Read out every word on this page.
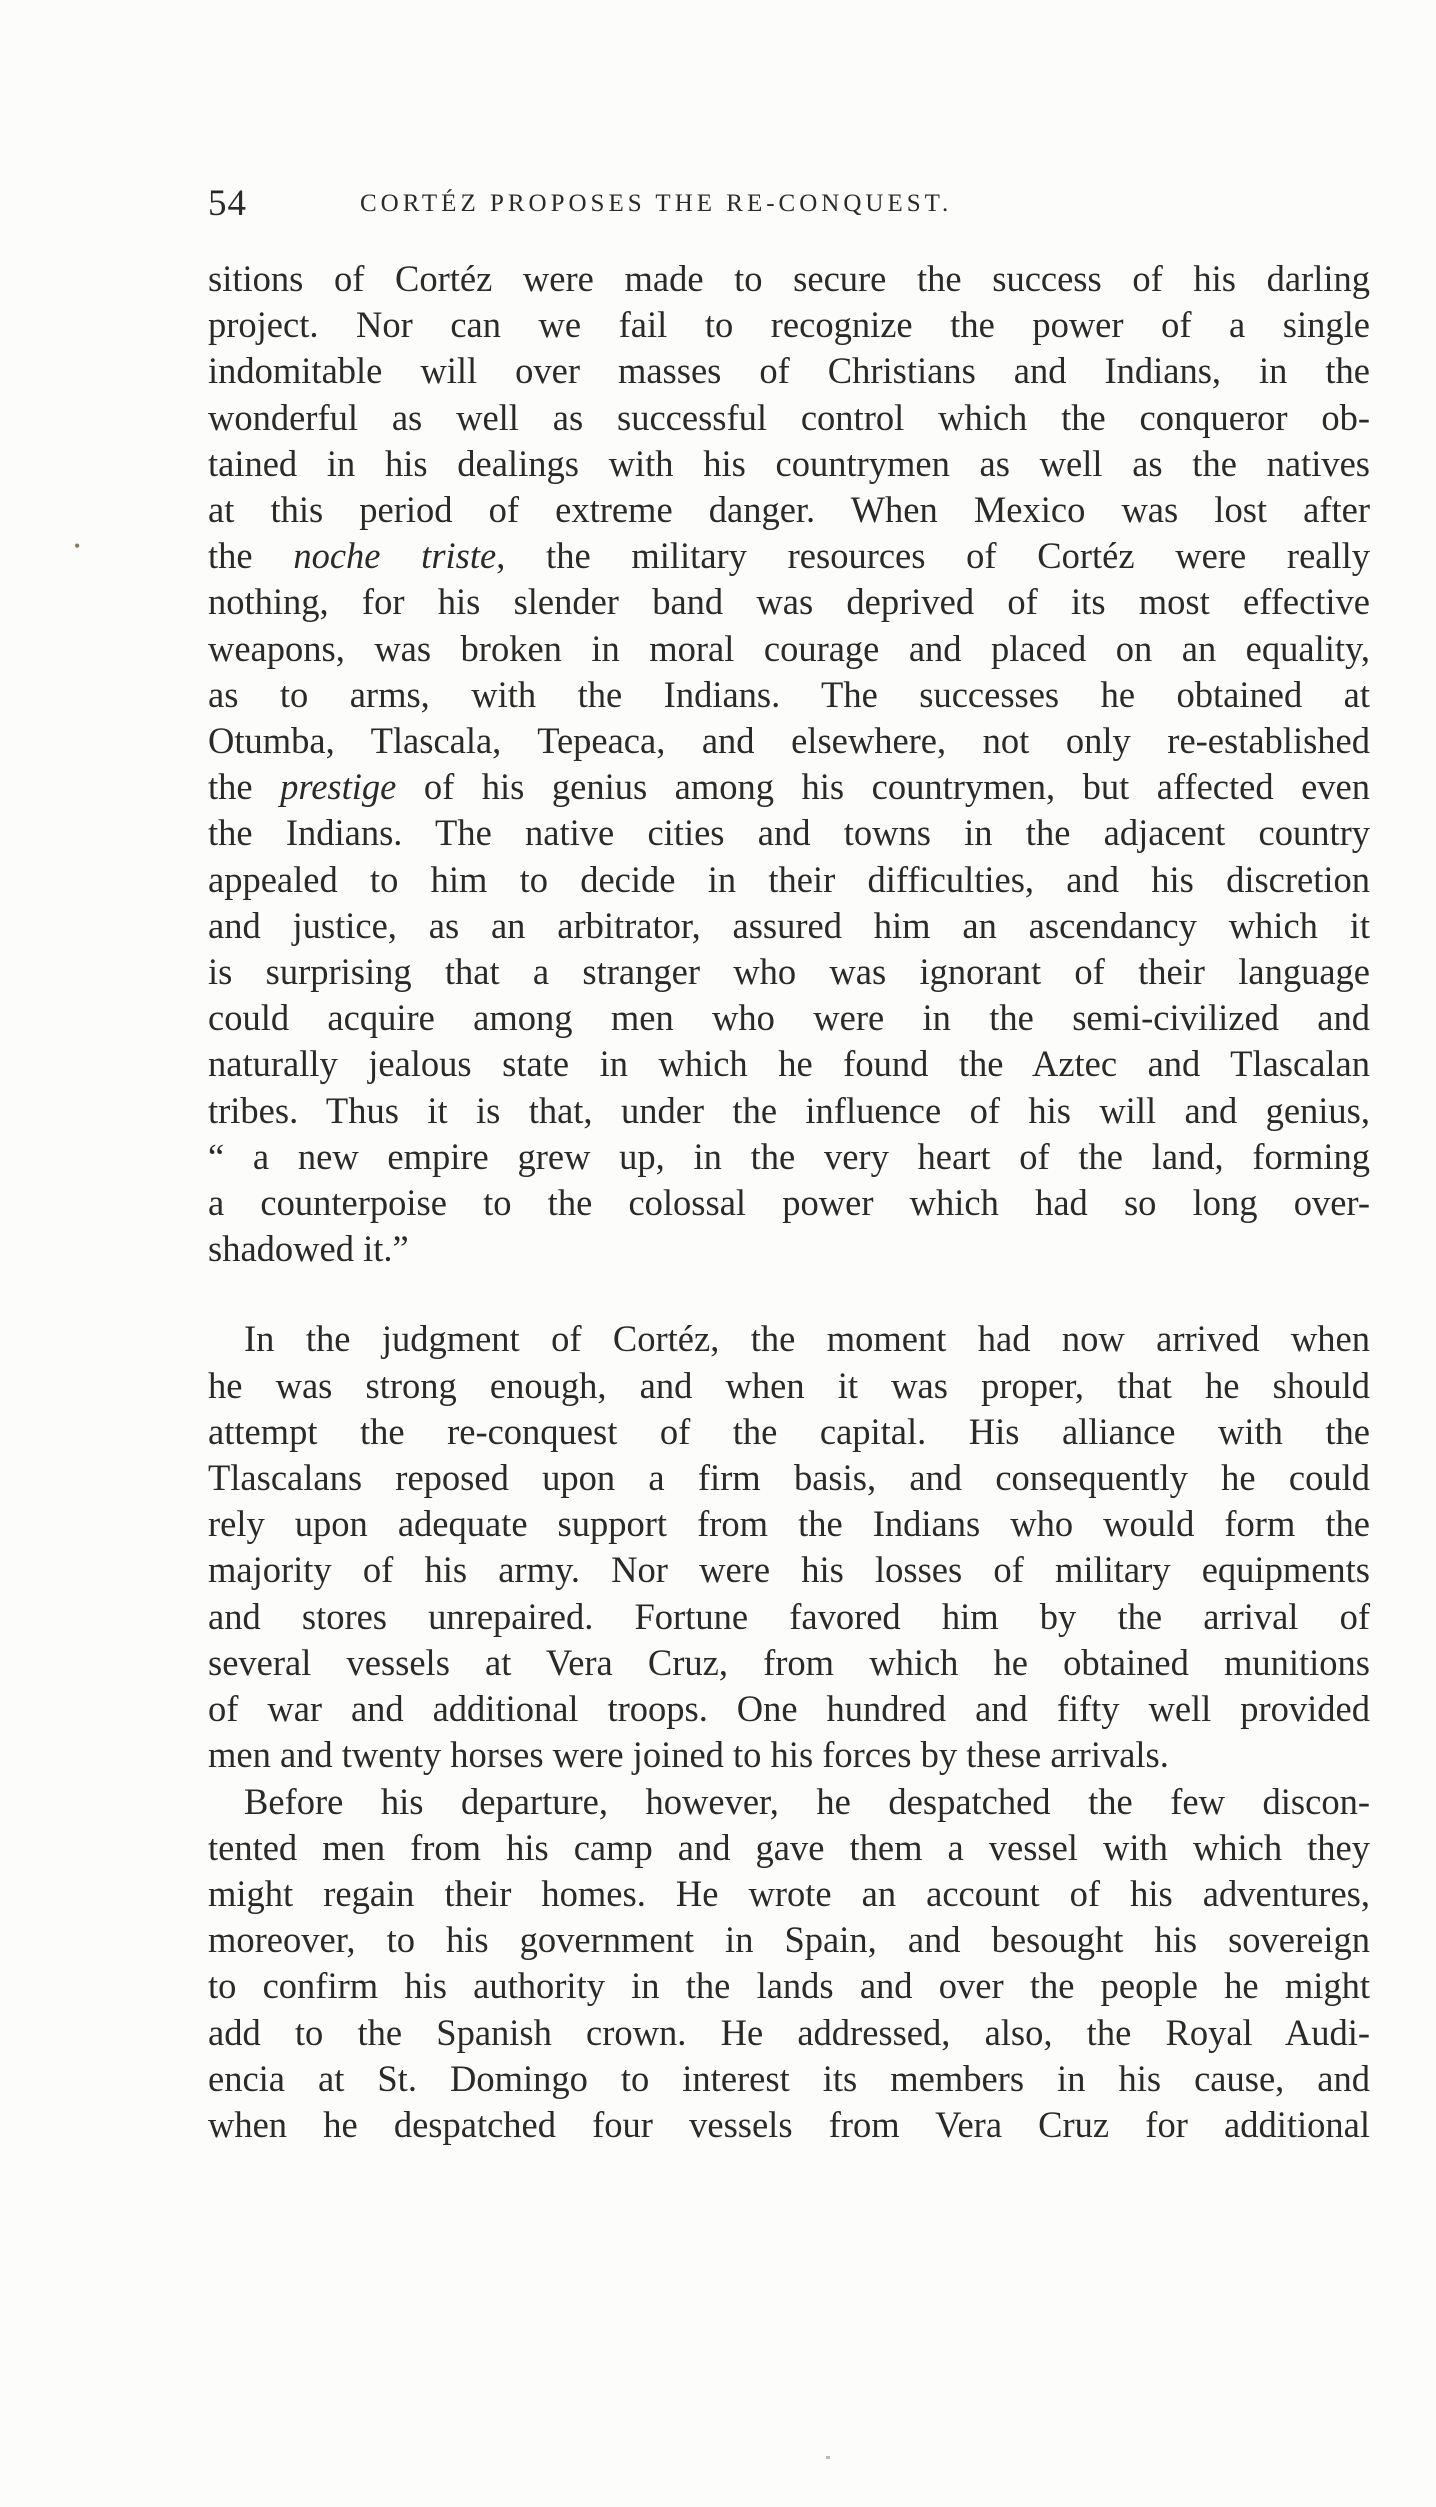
54	CORTÉZ PROPOSES THE RE-CONQUEST.

sitions of Cortéz were made to secure the success of his darling
project. Nor can we fail to recognize the power of a single
indomitable will over masses of Christians and Indians, in the
wonderful as well as successful control which the conqueror ob-
tained in his dealings with his countrymen as well as the natives
at this period of extreme danger. When Mexico was lost after
the noche triste, the military resources of Cortéz were really
nothing, for his slender band was deprived of its most effective
weapons, was broken in moral courage and placed on an equality,
as to arms, with the Indians. The successes he obtained at
Otumba, Tlascala, Tepeaca, and elsewhere, not only re-established
the prestige of his genius among his countrymen, but affected even
the Indians. The native cities and towns in the adjacent country
appealed to him to decide in their difficulties, and his discretion
and justice, as an arbitrator, assured him an ascendancy which it
is surprising that a stranger who was ignorant of their language
could acquire among men who were in the semi-civilized and
naturally jealous state in which he found the Aztec and Tlascalan
tribes. Thus it is that, under the influence of his will and genius,
“ a new empire grew up, in the very heart of the land, forming
a counterpoise to the colossal power which had so long over-
shadowed it.”

In the judgment of Cortéz, the moment had now arrived when
he was strong enough, and when it was proper, that he should
attempt the re-conquest of the capital. His alliance with the
Tlascalans reposed upon a firm basis, and consequently he could
rely upon adequate support from the Indians who would form the
majority of his army. Nor were his losses of military equipments
and stores unrepaired. Fortune favored him by the arrival of
several vessels at Vera Cruz, from which he obtained munitions
of war and additional troops. One hundred and fifty well provided
men and twenty horses were joined to his forces by these arrivals.

Before his departure, however, he despatched the few discon-
tented men from his camp and gave them a vessel with which they
might regain their homes. He wrote an account of his adventures,
moreover, to his government in Spain, and besought his sovereign
to confirm his authority in the lands and over the people he might
add to the Spanish crown. He addressed, also, the Royal Audi-
encia at St. Domingo to interest its members in his cause, and
when he despatched four vessels from Vera Cruz for additional

•
